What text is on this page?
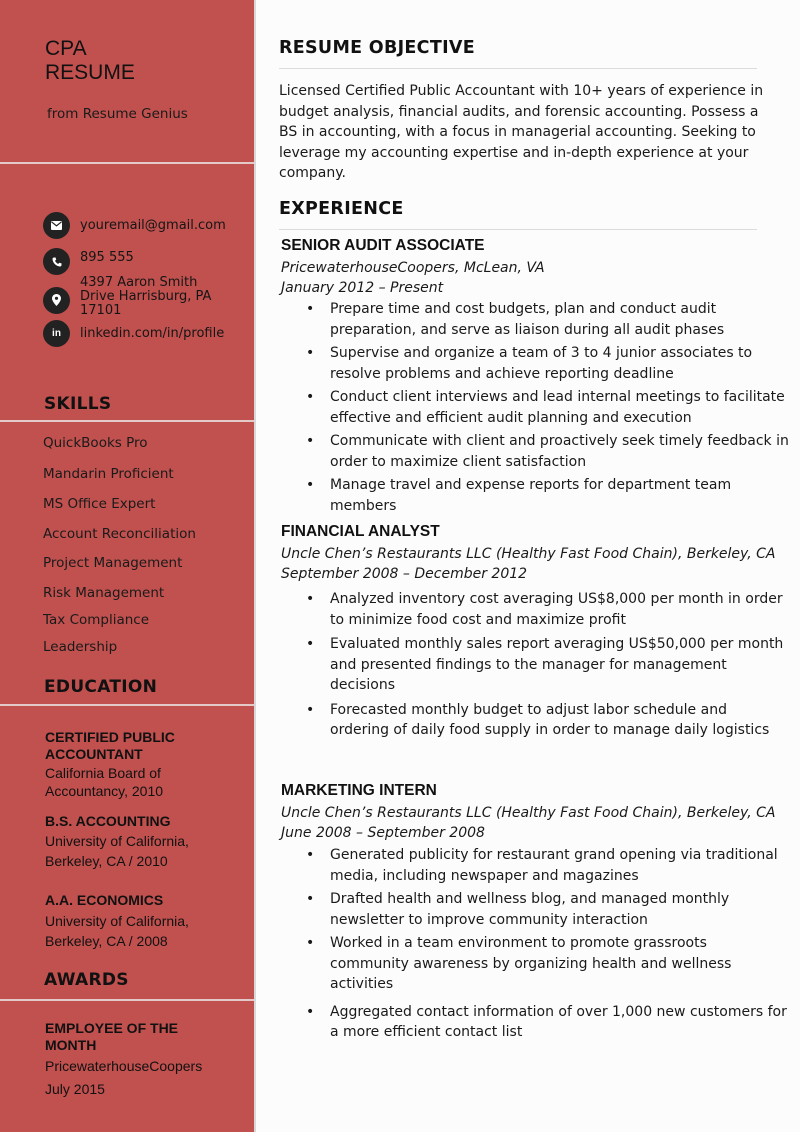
CPA
RESUME
from Resume Genius
youremail@gmail.com
895 555
4397 Aaron Smith
Drive Harrisburg, PA
17101
in linkedin.com/in/profile
SKILLS
QuickBooks Pro
Mandarin Proficient
MS Office Expert
Account Reconciliation
Project Management
Risk Management
Tax Compliance
Leadership
EDUCATION
CERTIFIED PUBLIC
ACCOUNTANT
California Board of
Accountancy, 2010
B.S. ACCOUNTING
University of California,
Berkeley, CA / 2010
A.A. ECONOMICS
University of California,
Berkeley, CA / 2008
AWARDS
EMPLOYEE OF THE
MONTH
PricewaterhouseCoopers
July 2015
RESUME OBJECTIVE

Licensed Certified Public Accountant with 10+ years of experience in budget analysis, financial audits, and forensic accounting. Possess a BS in accounting, with a focus in managerial accounting. Seeking to leverage my accounting expertise and in-depth experience at your company.

EXPERIENCE
SENIOR AUDIT ASSOCIATE
PricewaterhouseCoopers, McLean, VA
January 2012 – Present
• Prepare time and cost budgets, plan and conduct audit preparation, and serve as liaison during all audit phases
• Supervise and organize a team of 3 to 4 junior associates to resolve problems and achieve reporting deadline
• Conduct client interviews and lead internal meetings to facilitate effective and efficient audit planning and execution
• Communicate with client and proactively seek timely feedback in order to maximize client satisfaction
• Manage travel and expense reports for department team members
FINANCIAL ANALYST
Uncle Chen’s Restaurants LLC (Healthy Fast Food Chain), Berkeley, CA
September 2008 – December 2012
• Analyzed inventory cost averaging US$8,000 per month in order to minimize food cost and maximize profit
• Evaluated monthly sales report averaging US$50,000 per month and presented findings to the manager for management decisions
• Forecasted monthly budget to adjust labor schedule and ordering of daily food supply in order to manage daily logistics
MARKETING INTERN
Uncle Chen’s Restaurants LLC (Healthy Fast Food Chain), Berkeley, CA
June 2008 – September 2008
• Generated publicity for restaurant grand opening via traditional media, including newspaper and magazines
• Drafted health and wellness blog, and managed monthly newsletter to improve community interaction
• Worked in a team environment to promote grassroots community awareness by organizing health and wellness activities
• Aggregated contact information of over 1,000 new customers for a more efficient contact list
